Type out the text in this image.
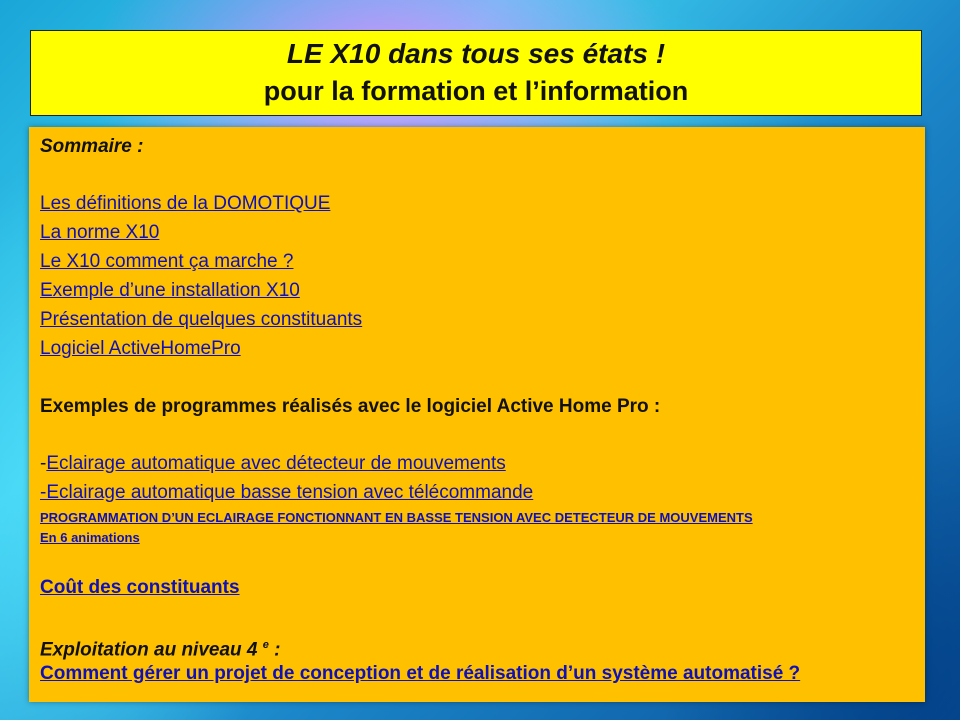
LE X10 dans tous ses états !
pour la formation et l’information
Sommaire :
Les définitions de la DOMOTIQUE
La norme X10
Le X10 comment ça marche ?
Exemple d’une installation X10
Présentation de quelques constituants
Logiciel ActiveHomePro
Exemples de programmes réalisés avec le logiciel Active Home Pro :
-Eclairage automatique avec détecteur de mouvements
-Eclairage automatique basse tension avec télécommande
PROGRAMMATION D’UN ECLAIRAGE FONCTIONNANT EN BASSE TENSION AVEC DETECTEUR DE MOUVEMENTS
En 6 animations
Coût des constituants
Exploitation au niveau 4 $^e$ :
Comment gérer un projet de conception et de réalisation d’un système automatisé ?
